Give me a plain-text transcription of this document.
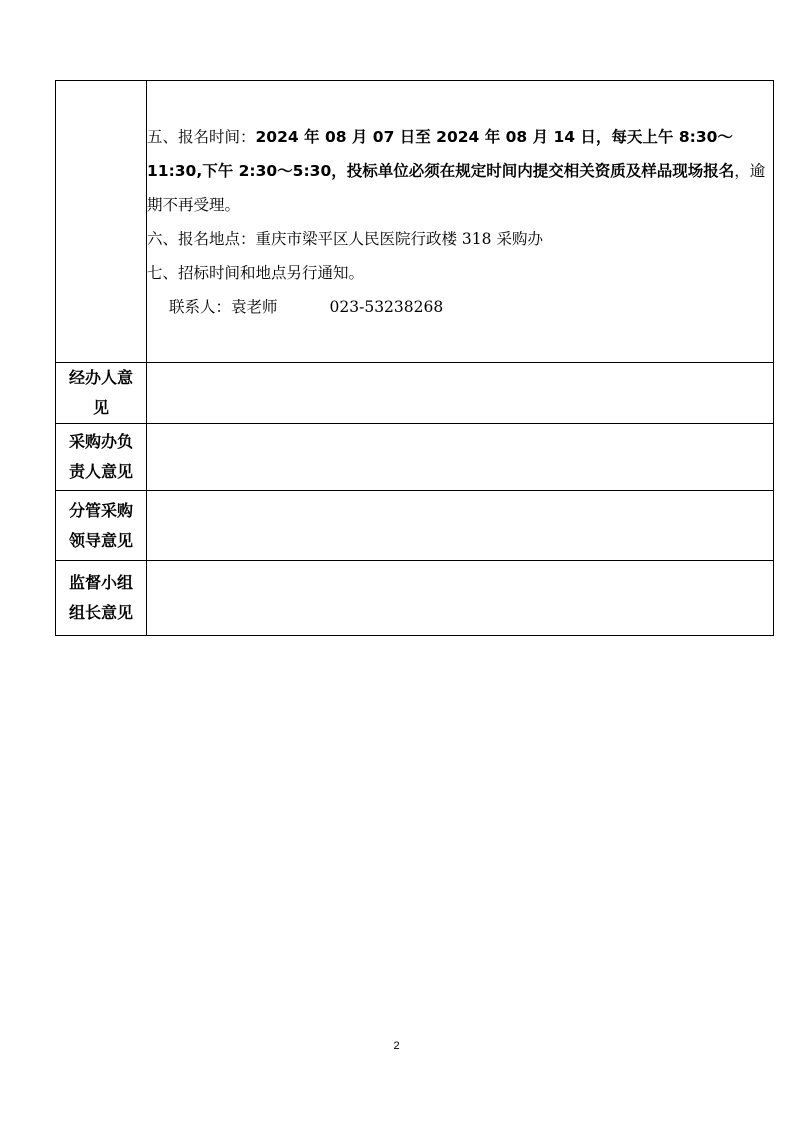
	五、报名时间：2024 年 08 月 07 日至 2024 年 08 月 14 日，每天上午 8:30～11:30,下午 2:30～5:30，投标单位必须在规定时间内提交相关资质及样品现场报名，逾期不再受理。
六、报名地点：重庆市梁平区人民医院行政楼 318 采购办
七、招标时间和地点另行通知。
联系人：袁老师 023-53238268

经办人意
见	

采购办负
责人意见	

分管采购
领导意见	

监督小组
组长意见	

2
